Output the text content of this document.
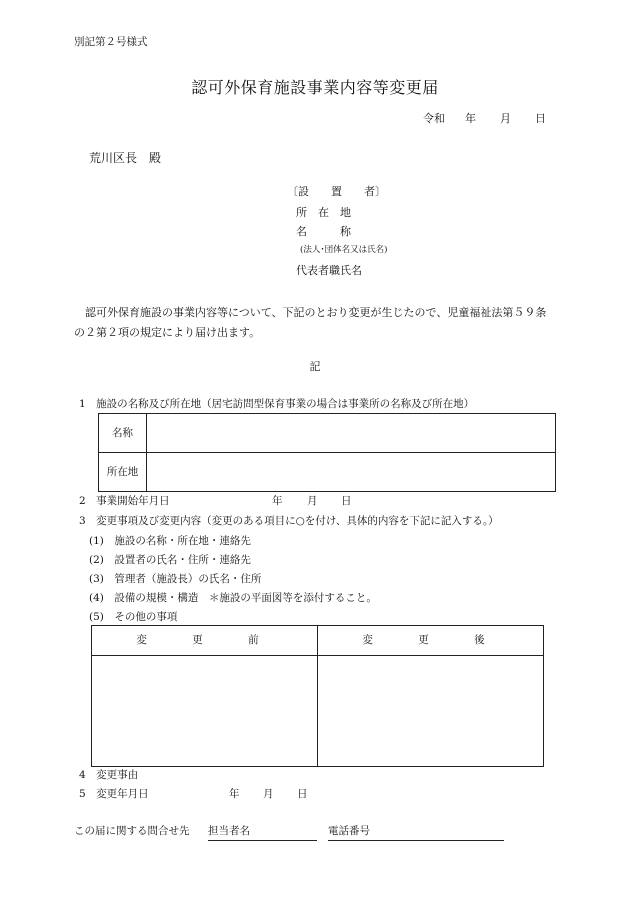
別記第２号様式
認可外保育施設事業内容等変更届
令和 年 月 日
荒川区長　殿
〔設　　置　　者〕
所　在　地
名　　　称
(法人･団体名又は氏名)
代表者職氏名
認可外保育施設の事業内容等について、下記のとおり変更が生じたので、児童福祉法第５９条の２第２項の規定により届け出ます。
記
1　施設の名称及び所在地（居宅訪問型保育事業の場合は事業所の名称及び所在地）
名称	
所在地	
2　事業開始年月日	年 月 日
3　変更事項及び変更内容（変更のある項目に○を付け、具体的内容を下記に記入する。）
(1)　施設の名称・所在地・連絡先
(2)　設置者の氏名・住所・連絡先
(3)　管理者（施設長）の氏名・住所
(4)　設備の規模・構造　＊施設の平面図等を添付すること。
(5)　その他の事項
変 更 前	変 更 後

4　変更事由
5　変更年月日	年 月 日
この届に関する問合せ先 担当者名	電話番号
